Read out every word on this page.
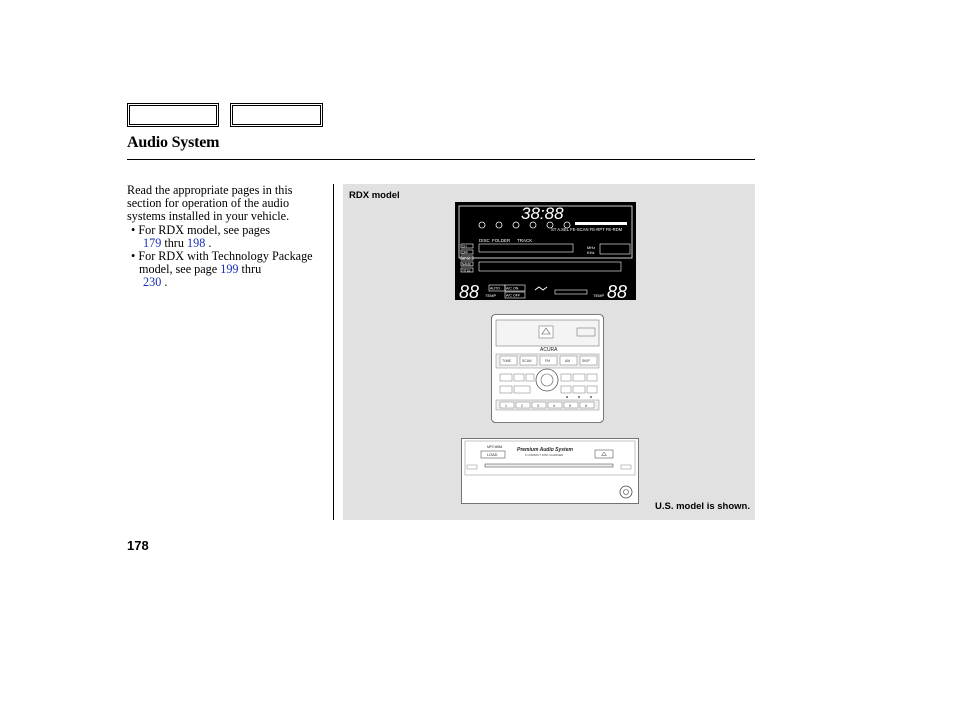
Audio System

Read the appropriate pages in this section for operation of the audio systems installed in your vehicle.

• For RDX model, see pages
179 thru 198 .

• For RDX with Technology Package model, see page 199 thru
230 .

RDX model
38:88
ST A.SEL FE-SCAN FE-RPT FE-RDM
DISC FOLDER TRACK
CH
OFF
AF-M
NAME
TITLE
MHz
KHz
88 TEMP
AUTO A/C ON
A/C OFF	TEMP 88
ACURA
TUNE	SCAN	FM	AM	SKIP
1	2	3	4	5	6
LOAD
MP3 WMA	Premium Audio System
6 COMPACT DISC CHANGER
U.S. model is shown.
178
